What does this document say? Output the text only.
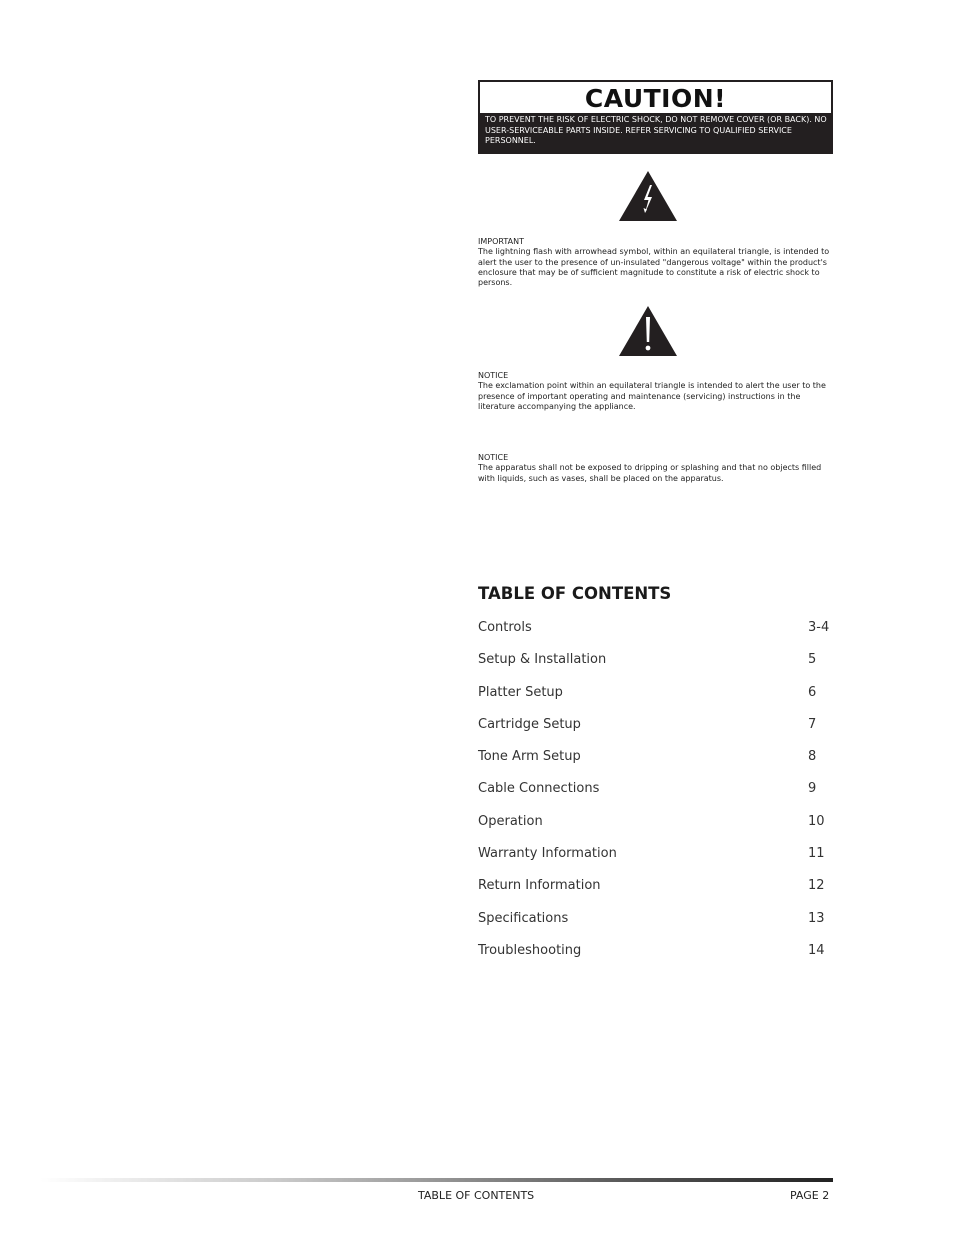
CAUTION!
TO PREVENT THE RISK OF ELECTRIC SHOCK, DO NOT REMOVE COVER (OR BACK). NO USER-SERVICEABLE PARTS INSIDE. REFER SERVICING TO QUALIFIED SERVICE PERSONNEL.
IMPORTANT
The lightning flash with arrowhead symbol, within an equilateral triangle, is intended to alert the user to the presence of un-insulated "dangerous voltage" within the product's enclosure that may be of sufficient magnitude to constitute a risk of electric shock to persons.
NOTICE
The exclamation point within an equilateral triangle is intended to alert the user to the presence of important operating and maintenance (servicing) instructions in the literature accompanying the appliance.
NOTICE
The apparatus shall not be exposed to dripping or splashing and that no objects filled with liquids, such as vases, shall be placed on the apparatus.
TABLE OF CONTENTS
Controls	3-4
Setup & Installation	5
Platter Setup	6
Cartridge Setup	7
Tone Arm Setup	8
Cable Connections	9
Operation	10
Warranty Information	11
Return Information	12
Specifications	13
Troubleshooting	14
TABLE OF CONTENTS	PAGE 2
